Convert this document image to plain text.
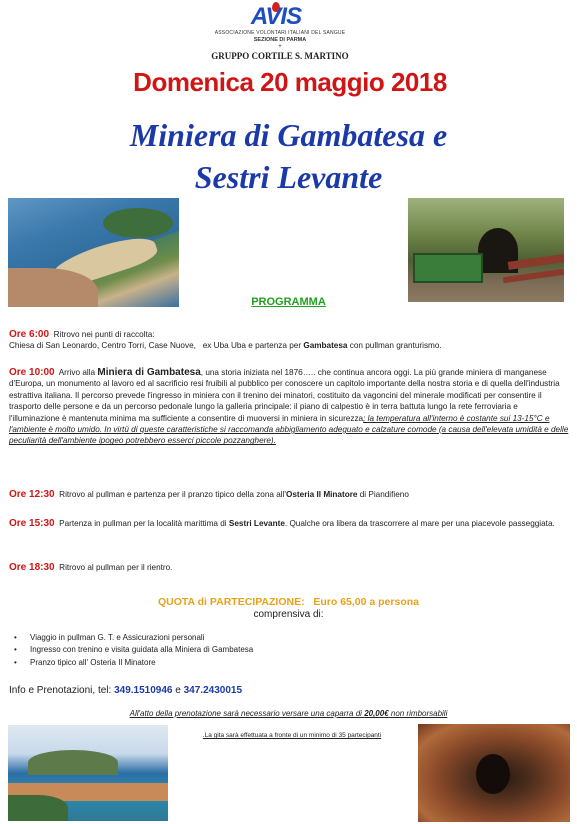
AVIS
ASSOCIAZIONE VOLONTARI ITALIANI DEL SANGUE
SEZIONE DI PARMA
+
GRUPPO CORTILE S. MARTINO
Domenica 20 maggio 2018
Miniera di Gambatesa e
Sestri Levante
PROGRAMMA
Ore 6:00 Ritrovo nei punti di raccolta:
Chiesa di San Leonardo, Centro Torri, Case Nuove, ex Uba Uba e partenza per Gambatesa con pullman granturismo.
Ore 10:00 Arrivo alla Miniera di Gambatesa, una storia iniziata nel 1876….. che continua ancora oggi. La più grande miniera di manganese d'Europa, un monumento al lavoro ed al sacrificio resi fruibili al pubblico per conoscere un capitolo importante della nostra storia e di quella dell'industria estrattiva italiana. Il percorso prevede l'ingresso in miniera con il trenino dei minatori, costituito da vagoncini del minerale modificati per consentire il trasporto delle persone e da un percorso pedonale lungo la galleria principale: il piano di calpestio è in terra battuta lungo la rete ferroviaria e l'illuminazione è mantenuta minima ma sufficiente a consentire di muoversi in miniera in sicurezza; la temperatura all'interno è costante sui 13-15°C e l'ambiente è molto umido. In virtù di queste caratteristiche si raccomanda abbigliamento adeguato e calzature comode (a causa dell'elevata umidità e delle peculiarità dell'ambiente ipogeo potrebbero esserci piccole pozzanghere).
Ore 12:30 Ritrovo al pullman e partenza per il pranzo tipico della zona all'Osteria Il Minatore di Piandifieno
Ore 15:30 Partenza in pullman per la località marittima di Sestri Levante. Qualche ora libera da trascorrere al mare per una piacevole passeggiata.
Ore 18:30 Ritrovo al pullman per il rientro.
QUOTA di PARTECIPAZIONE: Euro 65,00 a persona
comprensiva di:
• Viaggio in pullman G. T. e Assicurazioni personali
• Ingresso con trenino e visita guidata alla Miniera di Gambatesa
• Pranzo tipico all' Osteria Il Minatore
Info e Prenotazioni, tel: 349.1510946 e 347.2430015
All'atto della prenotazione sarà necessario versare una caparra di 20,00€ non rimborsabili
.La gita sarà effettuata a fronte di un minimo di 35 partecipanti
